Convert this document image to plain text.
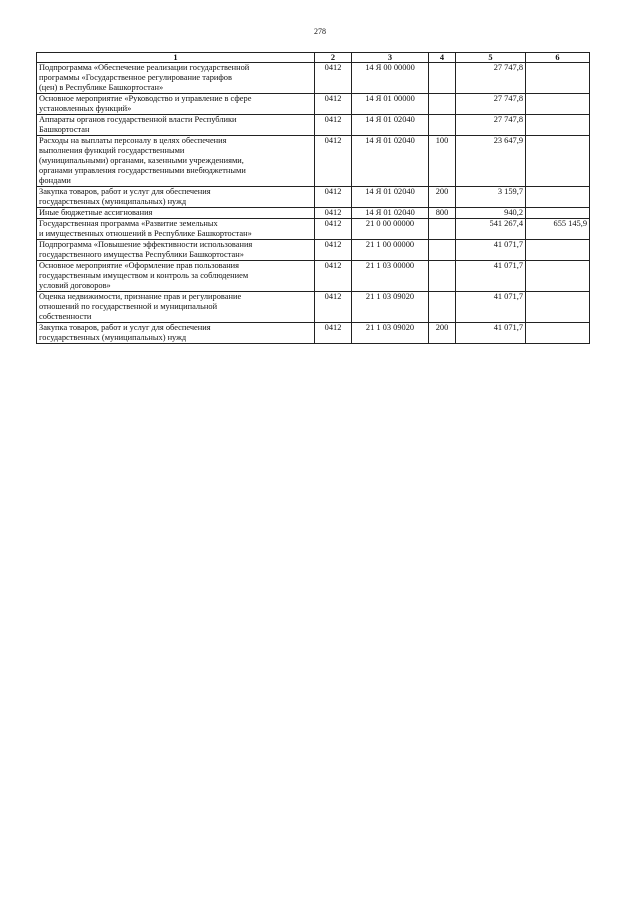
278
1	2	3	4	5	6

Подпрограмма «Обеспечение реализации государственной
программы «Государственное регулирование тарифов
(цен) в Республике Башкортостан»	0412	14 Я 00 00000		27 747,8	

Основное мероприятие «Руководство и управление в сфере
установленных функций»	0412	14 Я 01 00000		27 747,8	

Аппараты органов государственной власти Республики
Башкортостан	0412	14 Я 01 02040		27 747,8	

Расходы на выплаты персоналу в целях обеспечения
выполнения функций государственными
(муниципальными) органами, казенными учреждениями,
органами управления государственными внебюджетными
фондами	0412	14 Я 01 02040	100	23 647,9	

Закупка товаров, работ и услуг для обеспечения
государственных (муниципальных) нужд	0412	14 Я 01 02040	200	3 159,7	

Иные бюджетные ассигнования	0412	14 Я 01 02040	800	940,2	

Государственная программа «Развитие земельных
и имущественных отношений в Республике Башкортостан»	0412	21 0 00 00000		541 267,4	655 145,9

Подпрограмма «Повышение эффективности использования
государственного имущества Республики Башкортостан»	0412	21 1 00 00000		41 071,7	

Основное мероприятие «Оформление прав пользования
государственным имуществом и контроль за соблюдением
условий договоров»	0412	21 1 03 00000		41 071,7	

Оценка недвижимости, признание прав и регулирование
отношений по государственной и муниципальной
собственности	0412	21 1 03 09020		41 071,7	

Закупка товаров, работ и услуг для обеспечения
государственных (муниципальных) нужд	0412	21 1 03 09020	200	41 071,7	
